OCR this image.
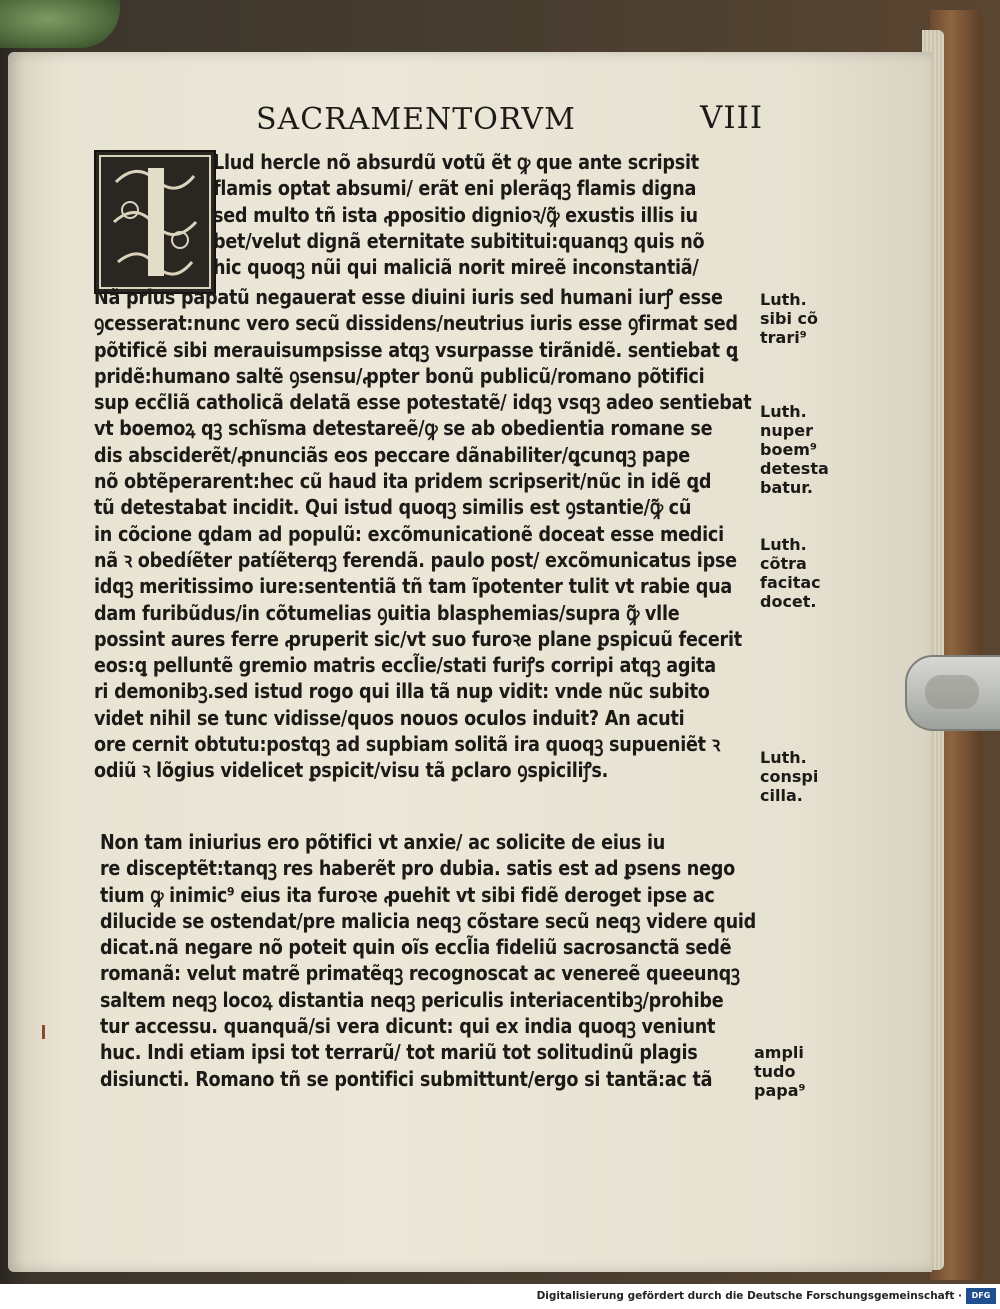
SACRAMENTORVM	VIII
Llud hercle nõ absurdũ votũ ẽt ꝙ que ante scripsit
flamis optat absumi/ erãt eni plerãqꝫ flamis digna
sed multo tñ ista ꝓpositio dignioꝛ/ꝙ̃ exustis illis iu
bet/velut dignã eternitate subititui:quanqꝫ quis nõ
hic quoqꝫ nũi qui maliciã norit mireẽ inconstantiã/
Nã prius papatũ negauerat esse diuini iuris sed humani iurꝭ esse
ꝯcesserat:nunc vero secũ dissidens/neutrius iuris esse ꝯfirmat sed
põtificẽ sibi merauisumpsisse atqꝫ vsurpasse tirãnidẽ. sentiebat ꝗ
pridẽ:humano saltẽ ꝯsensu/ꝓpter bonũ publicũ/romano põtifici
sup ecc̃liã catholicã delatã esse potestatẽ/ idqꝫ vsqꝫ adeo sentiebat
vt boemoꝝ qꝫ schĩsma detestareẽ/ꝙ se ab obedientia romane se
dis absciderẽt/ꝓnunciãs eos peccare dãnabiliter/ꝗcunqꝫ pape
nõ obtẽperarent:hec cũ haud ita pridem scripserit/nũc in idẽ ꝗd
tũ detestabat incidit. Qui istud quoqꝫ similis est ꝯstantie/ꝙ̃ cũ
in cõcione ꝗdam ad populũ: excõmunicationẽ doceat esse medici
nã ꝛ obedíẽter patíẽterqꝫ ferendã. paulo post/ excõmunicatus ipse
idqꝫ meritissimo iure:sententiã tñ tam ĩpotenter tulit vt rabie qua
dam furibũdus/in cõtumelias ꝯuitia blasphemias/supra ꝙ̃ vlle
possint aures ferre ꝓruperit sic/vt suo furoꝛe plane ꝑspicuũ fecerit
eos:ꝗ pelluntẽ gremio matris eccl̃ie/stati furiꝭs corripi atqꝫ agita
ri demonibꝫ.sed istud rogo qui illa tã nuꝑ vidit: vnde nũc subito
videt nihil se tunc vidisse/quos nouos oculos induit? An acuti
ore cernit obtutu:postqꝫ ad supbiam solitã ira quoqꝫ supueniẽt ꝛ
odiũ ꝛ lõgius videlicet ꝑspicit/visu tã ꝑclaro ꝯspiciliꝭs.
Non tam iniurius ero põtifici vt anxie/ ac solicite de eius iu
re disceptẽt:tanqꝫ res haberẽt pro dubia. satis est ad ꝑsens nego
tium ꝙ inimic⁹ eius ita furoꝛe ꝓuehit vt sibi fidẽ deroget ipse ac
dilucide se ostendat/pre malicia neqꝫ cõstare secũ neqꝫ videre quid
dicat.nã negare nõ poteit quin oĩs eccl̃ia fideliũ sacrosanctã sedẽ
romanã: velut matrẽ primatẽqꝫ recognoscat ac venereẽ queeunqꝫ
saltem neqꝫ locoꝝ distantia neqꝫ periculis interiacentibꝫ/prohibe
tur accessu. quanquã/si vera dicunt: qui ex india quoqꝫ veniunt
huc. Indi etiam ipsi tot terrarũ/ tot mariũ tot solitudinũ plagis
disiuncti. Romano tñ se pontifici submittunt/ergo si tantã:ac tã
Luth.
sibi cõ
trari⁹
Luth.
nuper
boem⁹
detesta
batur.
Luth.
cõtra
facitac
docet.
Luth.
conspi
cilla.
ampli
tudo
papa⁹
Digitalisierung gefördert durch die Deutsche Forschungsgemeinschaft ·	DFG
